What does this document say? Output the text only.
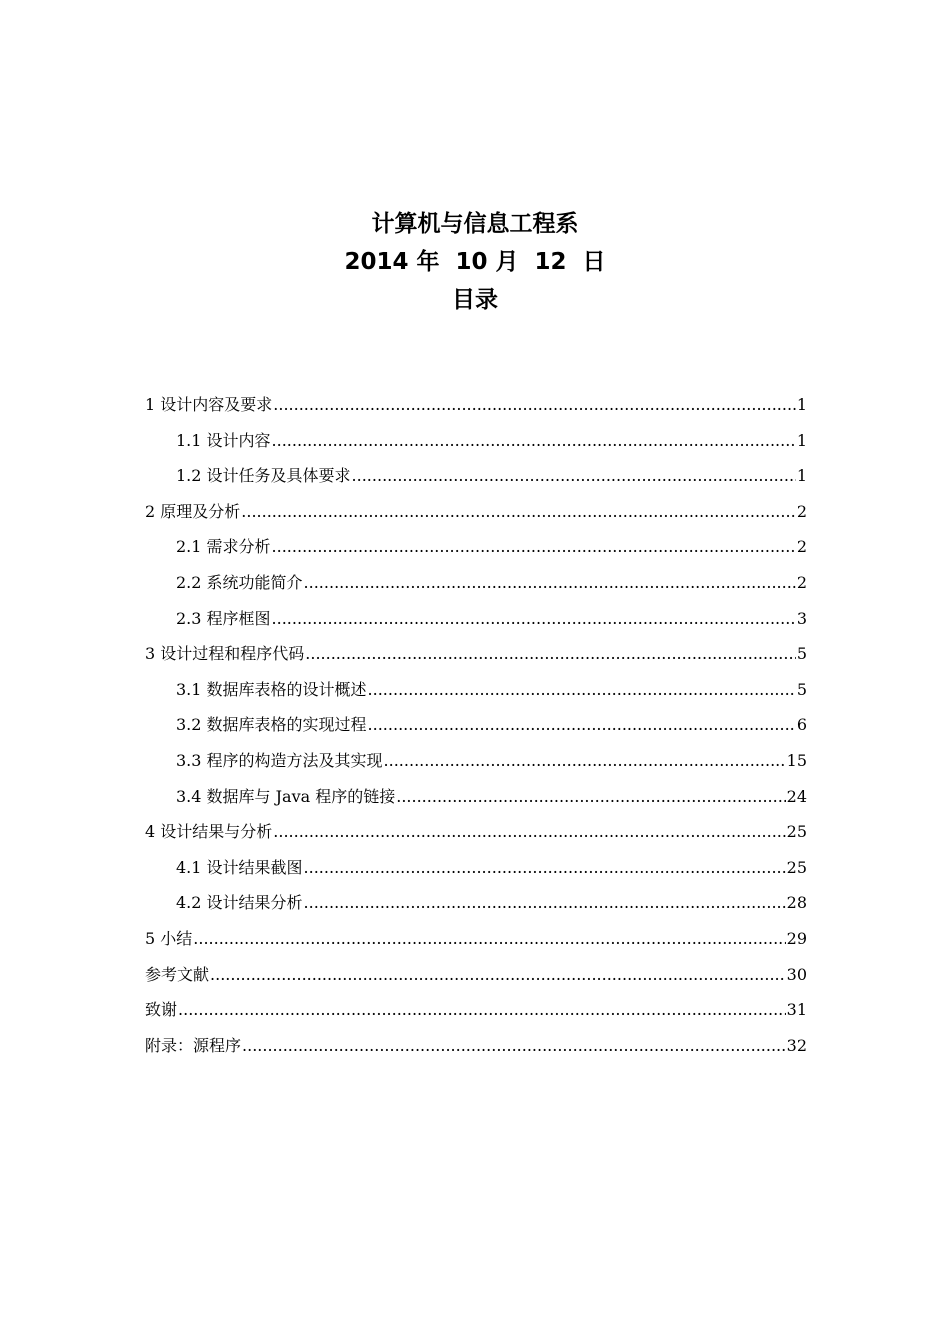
计算机与信息工程系
2014 年  10 月  12  日
目录
1 设计内容及要求 .....	1
1.1 设计内容 .....	1
1.2 设计任务及具体要求 .....	1
2 原理及分析 .....	2
2.1 需求分析 .....	2
2.2 系统功能简介 .....	2
2.3 程序框图 .....	3
3 设计过程和程序代码 .....	5
3.1 数据库表格的设计概述 .....	5
3.2 数据库表格的实现过程 .....	6
3.3 程序的构造方法及其实现 .....	15
3.4 数据库与 Java 程序的链接 .....	24
4 设计结果与分析 .....	25
4.1 设计结果截图 .....	25
4.2 设计结果分析 .....	28
5 小结 .....	29
参考文献 .....	30
致谢 .....	31
附录：源程序 .....	32
